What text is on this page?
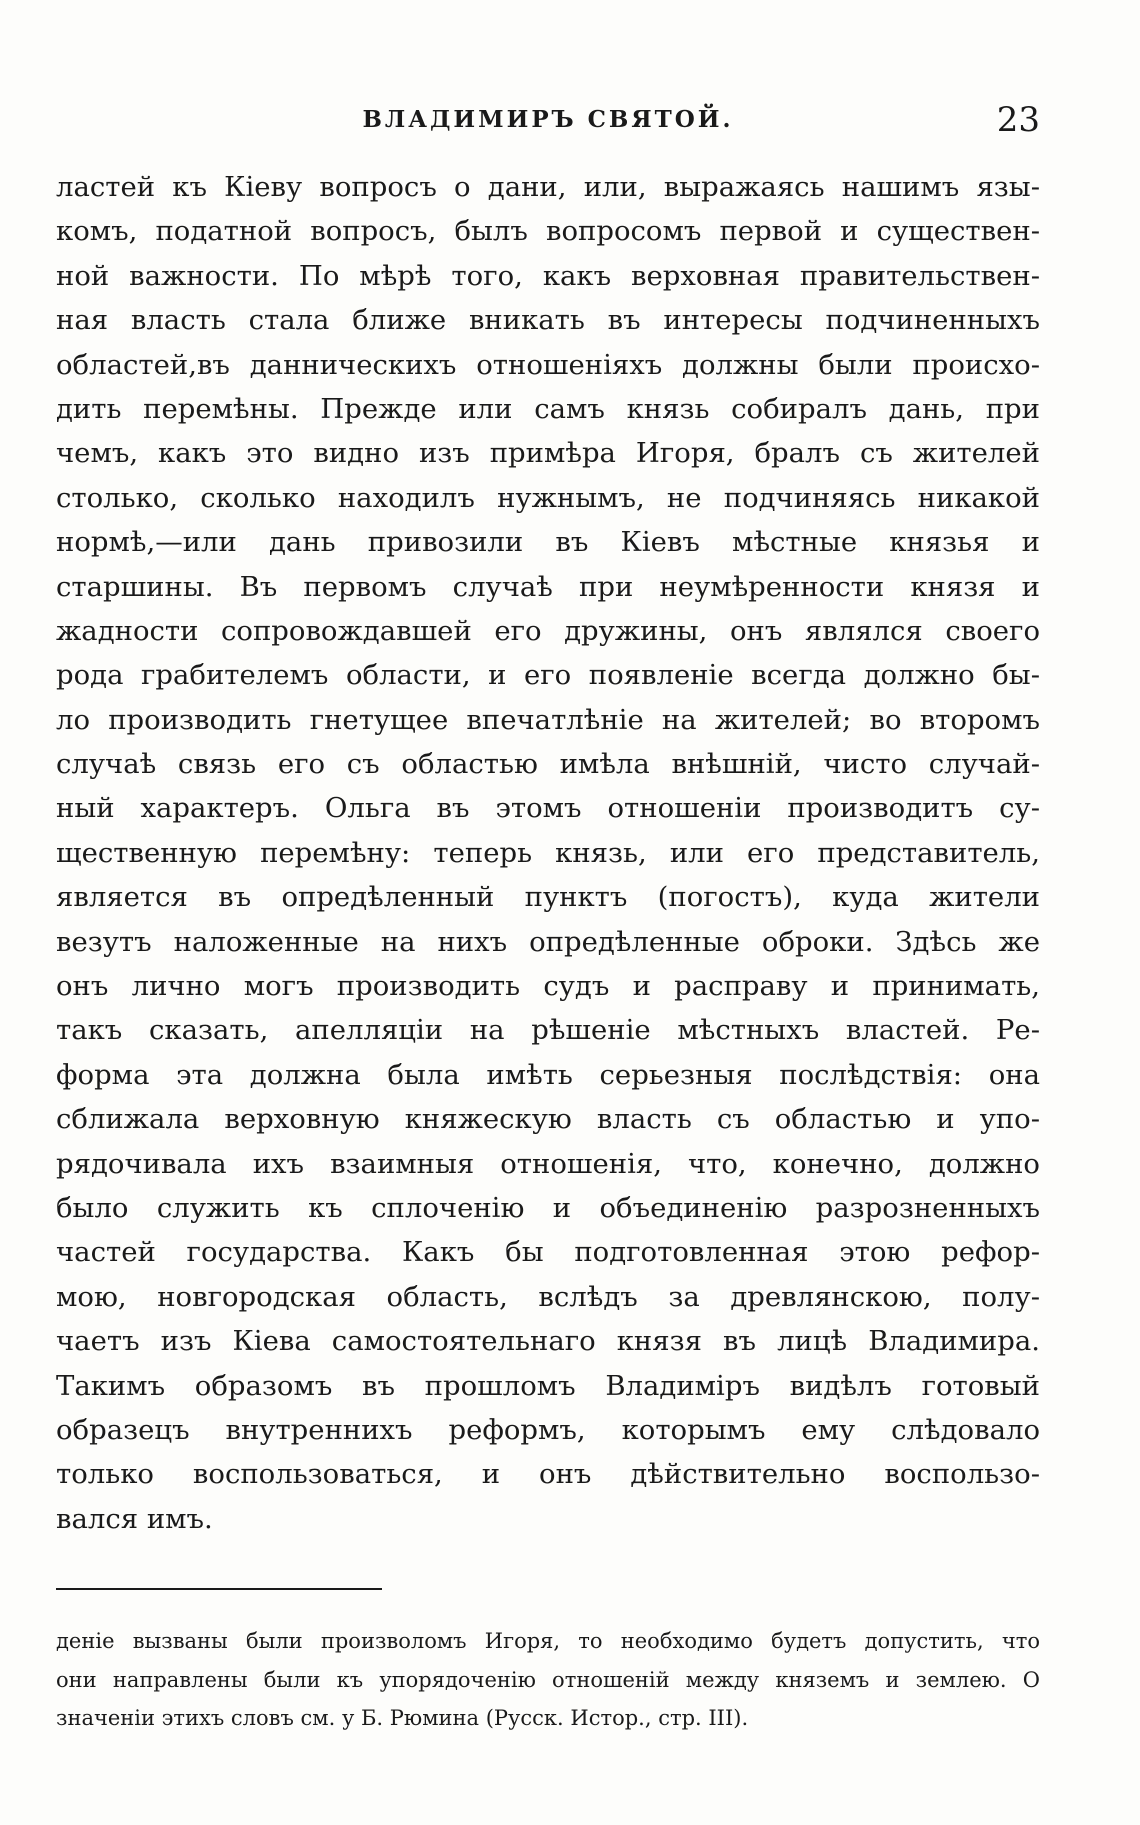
ВЛАДИМИРЪ СВЯТОЙ.	23
ластей къ Кіеву вопросъ о дани, или, выражаясь нашимъ язы-
комъ, податной вопросъ, былъ вопросомъ первой и существен-
ной важности. По мѣрѣ того, какъ верховная правительствен-
ная власть стала ближе вникать въ интересы подчиненныхъ
областей,въ данническихъ отношеніяхъ должны были происхо-
дить перемѣны. Прежде или самъ князь собиралъ дань, при
чемъ, какъ это видно изъ примѣра Игоря, бралъ съ жителей
столько, сколько находилъ нужнымъ, не подчиняясь никакой
нормѣ,—или дань привозили въ Кіевъ мѣстные князья и
старшины. Въ первомъ случаѣ при неумѣренности князя и
жадности сопровождавшей его дружины, онъ являлся своего
рода грабителемъ области, и его появленіе всегда должно бы-
ло производить гнетущее впечатлѣніе на жителей; во второмъ
случаѣ связь его съ областью имѣла внѣшній, чисто случай-
ный характеръ. Ольга въ этомъ отношеніи производитъ су-
щественную перемѣну: теперь князь, или его представитель,
является въ опредѣленный пунктъ (погостъ), куда жители
везутъ наложенные на нихъ опредѣленные оброки. Здѣсь же
онъ лично могъ производить судъ и расправу и принимать,
такъ сказать, апелляціи на рѣшеніе мѣстныхъ властей. Ре-
форма эта должна была имѣть серьезныя послѣдствія: она
сближала верховную княжескую власть съ областью и упо-
рядочивала ихъ взаимныя отношенія, что, конечно, должно
было служить къ сплоченію и объединенію разрозненныхъ
частей государства. Какъ бы подготовленная этою рефор-
мою, новгородская область, вслѣдъ за древлянскою, полу-
чаетъ изъ Кіева самостоятельнаго князя въ лицѣ Владимира.
Такимъ образомъ въ прошломъ Владиміръ видѣлъ готовый
образецъ внутреннихъ реформъ, которымъ ему слѣдовало
только воспользоваться, и онъ дѣйствительно воспользо-
вался имъ.
деніе вызваны были произволомъ Игоря, то необходимо будетъ допустить, что
они направлены были къ упорядоченію отношеній между княземъ и землею. О
значеніи этихъ словъ см. у Б. Рюмина (Русск. Истор., стр. III).
